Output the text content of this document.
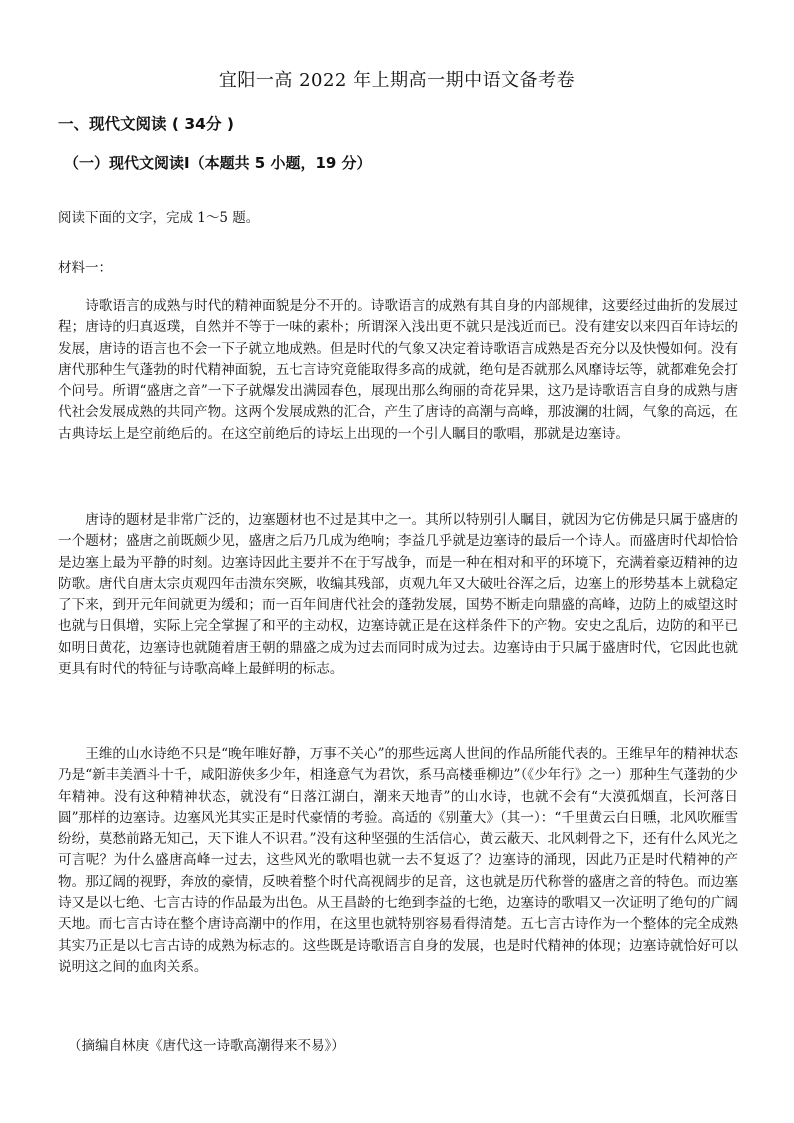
宜阳一高 2022 年上期高一期中语文备考卷
一、现代文阅读 ( 34分 )
（一）现代文阅读Ⅰ（本题共 5 小题，19 分）
阅读下面的文字，完成 1～5 题。
材料一：

诗歌语言的成熟与时代的精神面貌是分不开的。诗歌语言的成熟有其自身的内部规律，这要经过曲折的发展过程；唐诗的归真返璞，自然并不等于一味的素朴；所谓深入浅出更不就只是浅近而已。没有建安以来四百年诗坛的发展，唐诗的语言也不会一下子就立地成熟。但是时代的气象又决定着诗歌语言成熟是否充分以及快慢如何。没有唐代那种生气蓬勃的时代精神面貌，五七言诗究竟能取得多高的成就，绝句是否就那么风靡诗坛等，就都难免会打个问号。所谓“盛唐之音”一下子就爆发出满园春色，展现出那么绚丽的奇花异果，这乃是诗歌语言自身的成熟与唐代社会发展成熟的共同产物。这两个发展成熟的汇合，产生了唐诗的高潮与高峰，那波澜的壮阔，气象的高远，在古典诗坛上是空前绝后的。在这空前绝后的诗坛上出现的一个引人瞩目的歌唱，那就是边塞诗。

唐诗的题材是非常广泛的，边塞题材也不过是其中之一。其所以特别引人瞩目，就因为它仿佛是只属于盛唐的一个题材；盛唐之前既颇少见，盛唐之后乃几成为绝响；李益几乎就是边塞诗的最后一个诗人。而盛唐时代却恰恰是边塞上最为平静的时刻。边塞诗因此主要并不在于写战争，而是一种在相对和平的环境下，充满着豪迈精神的边防歌。唐代自唐太宗贞观四年击溃东突厥，收编其残部，贞观九年又大破吐谷浑之后，边塞上的形势基本上就稳定了下来，到开元年间就更为缓和；而一百年间唐代社会的蓬勃发展，国势不断走向鼎盛的高峰，边防上的威望这时也就与日俱增，实际上完全掌握了和平的主动权，边塞诗就正是在这样条件下的产物。安史之乱后，边防的和平已如明日黄花，边塞诗也就随着唐王朝的鼎盛之成为过去而同时成为过去。边塞诗由于只属于盛唐时代，它因此也就更具有时代的特征与诗歌高峰上最鲜明的标志。

王维的山水诗绝不只是“晚年唯好静，万事不关心”的那些远离人世间的作品所能代表的。王维早年的精神状态乃是“新丰美酒斗十千，咸阳游侠多少年，相逢意气为君饮，系马高楼垂柳边”（《少年行》之一）那种生气蓬勃的少年精神。没有这种精神状态，就没有“日落江湖白，潮来天地青”的山水诗，也就不会有“大漠孤烟直，长河落日圆”那样的边塞诗。边塞风光其实正是时代豪情的考验。高适的《别董大》（其一）：“千里黄云白日曛，北风吹雁雪纷纷，莫愁前路无知己，天下谁人不识君。”没有这种坚强的生活信心，黄云蔽天、北风刺骨之下，还有什么风光之可言呢？为什么盛唐高峰一过去，这些风光的歌唱也就一去不复返了？边塞诗的涌现，因此乃正是时代精神的产物。那辽阔的视野，奔放的豪情，反映着整个时代高视阔步的足音，这也就是历代称誉的盛唐之音的特色。而边塞诗又是以七绝、七言古诗的作品最为出色。从王昌龄的七绝到李益的七绝，边塞诗的歌唱又一次证明了绝句的广阔天地。而七言古诗在整个唐诗高潮中的作用，在这里也就特别容易看得清楚。五七言古诗作为一个整体的完全成熟其实乃正是以七言古诗的成熟为标志的。这些既是诗歌语言自身的发展，也是时代精神的体现；边塞诗就恰好可以说明这之间的血肉关系。

（摘编自林庚《唐代这一诗歌高潮得来不易》）
